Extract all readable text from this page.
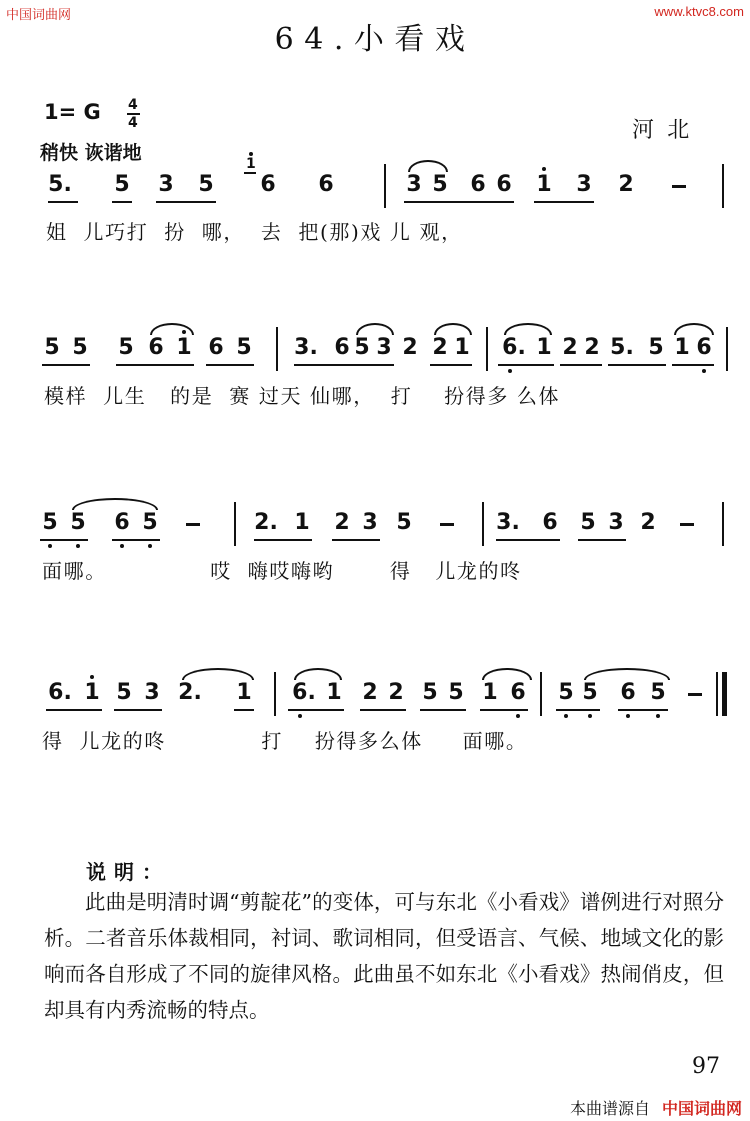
中国词曲网	www.ktvc8.com
64.小看戏
1= G 4
4
稍快 诙谐地
河北
5. 5 3 5
1
6 6	3 5 6 6 1 3 2
姐  儿巧打  扮  哪，  去  把(那)戏 儿 观，
5 5 5 6 1 6 5 3. 6 5 3 2 2 1 6. 1 2 2 5. 5 1 6
模样  儿生   的是  赛 过天 仙哪，  打    扮得多 么体
5 5 6 5	2. 1 2 3 5	3. 6 5 3 2
面哪。             哎  嗨哎嗨哟       得   儿龙的咚
6. 1 5 3 2. 1 6. 1 2 2 5 5 1 6 5 5 6 5
得  儿龙的咚            打    扮得多么体     面哪。
说明：
此曲是明清时调“剪靛花”的变体，可与东北《小看戏》谱例进行对照分析。二者音乐体裁相同，衬词、歌词相同，但受语言、气候、地域文化的影响而各自形成了不同的旋律风格。此曲虽不如东北《小看戏》热闹俏皮，但却具有内秀流畅的特点。
97
本曲谱源自 中国词曲网
